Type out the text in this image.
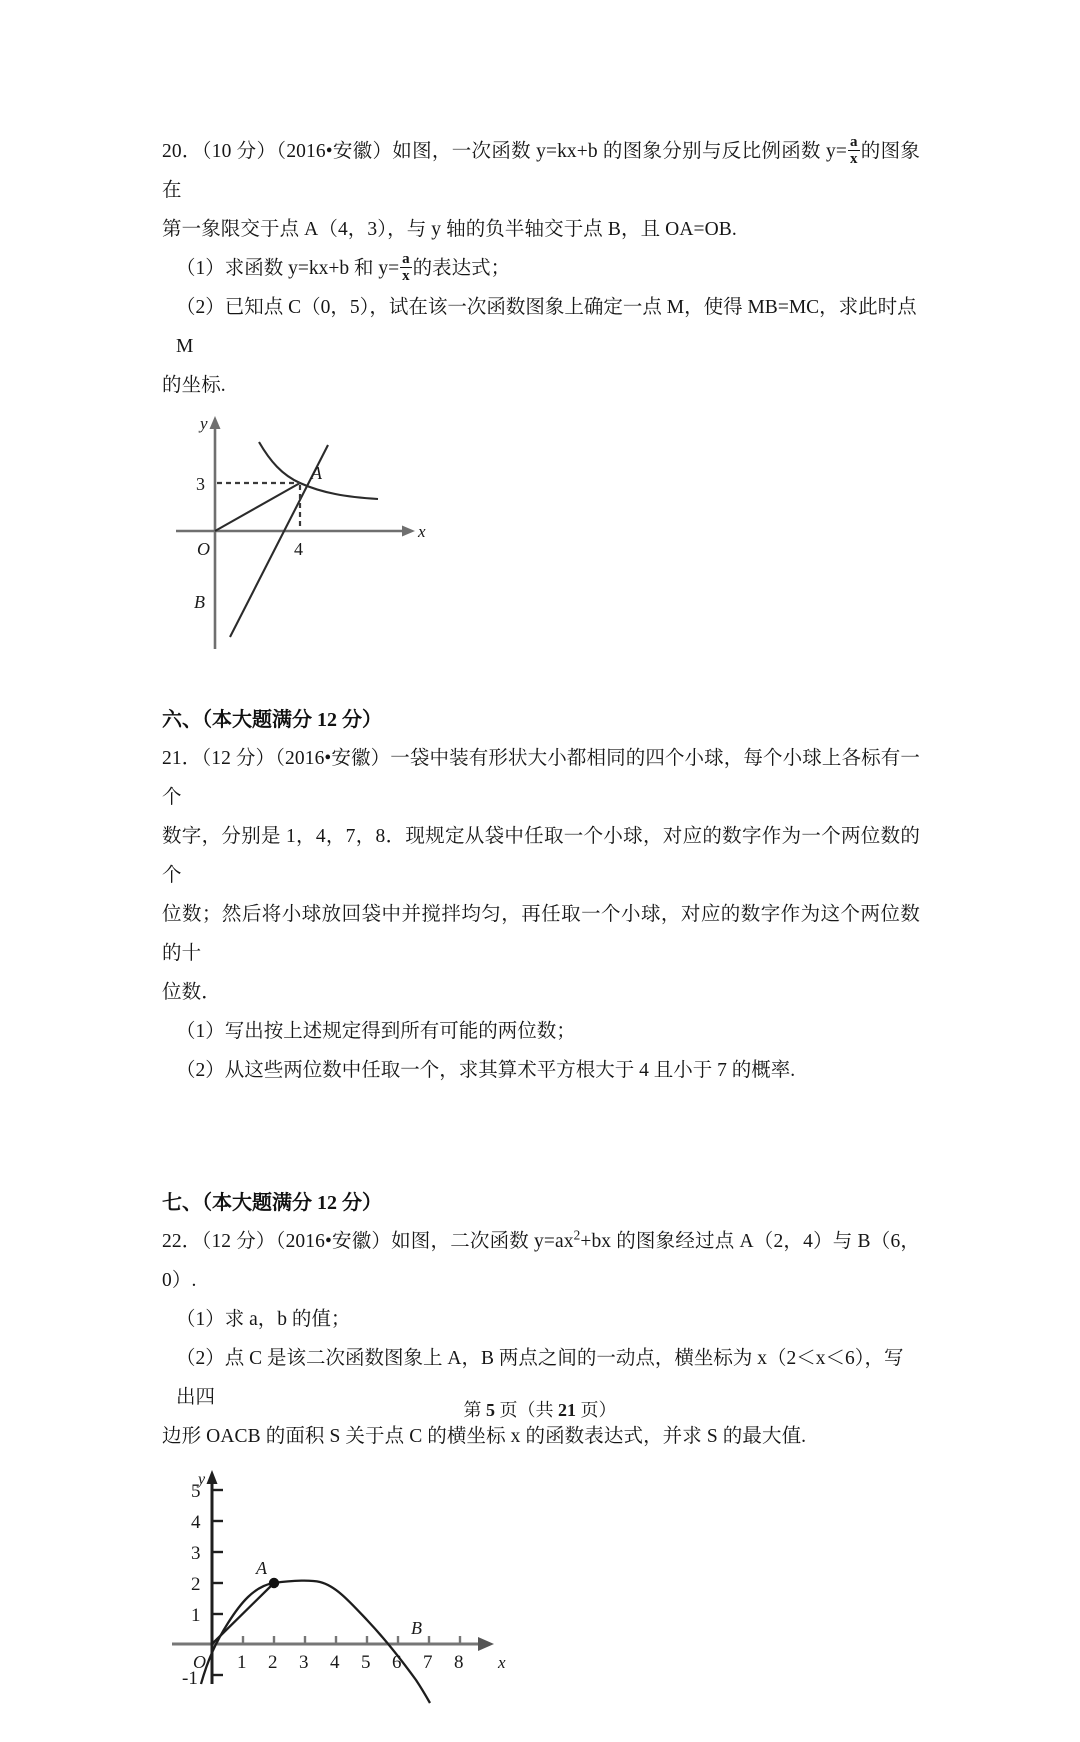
20．（10 分）（2016•安徽）如图，一次函数 y=kx+b 的图象分别与反比例函数 $y= \frac{a}{x}$ 的图象在
第一象限交于点 A（4，3），与 y 轴的负半轴交于点 B，且 OA=OB.
（1）求函数 y=kx+b 和 $y= \frac{a}{x}$ 的表达式；
（2）已知点 C（0，5），试在该一次函数图象上确定一点 M，使得 MB=MC，求此时点 M
的坐标.
y
x
O
3
4
A
B
六、（本大题满分 12 分）
21．（12 分）（2016•安徽）一袋中装有形状大小都相同的四个小球，每个小球上各标有一个
数字，分别是 1，4，7，8．现规定从袋中任取一个小球，对应的数字作为一个两位数的个
位数；然后将小球放回袋中并搅拌均匀，再任取一个小球，对应的数字作为这个两位数的十
位数．
（1）写出按上述规定得到所有可能的两位数；
（2）从这些两位数中任取一个，求其算术平方根大于 4 且小于 7 的概率.
七、（本大题满分 12 分）
22．（12 分）（2016•安徽）如图，二次函数 $y=ax^2+bx$ 的图象经过点 A（2，4）与 B（6，0）.
（1）求 a，b 的值；
（2）点 C 是该二次函数图象上 A，B 两点之间的一动点，横坐标为 x（2＜x＜6），写出四
边形 OACB 的面积 S 关于点 C 的横坐标 x 的函数表达式，并求 S 的最大值.
y
x
O
5
4
3
2
1
-1
1 2 3 4 5 6 7 8
A
B
第 5 页（共 21 页）
